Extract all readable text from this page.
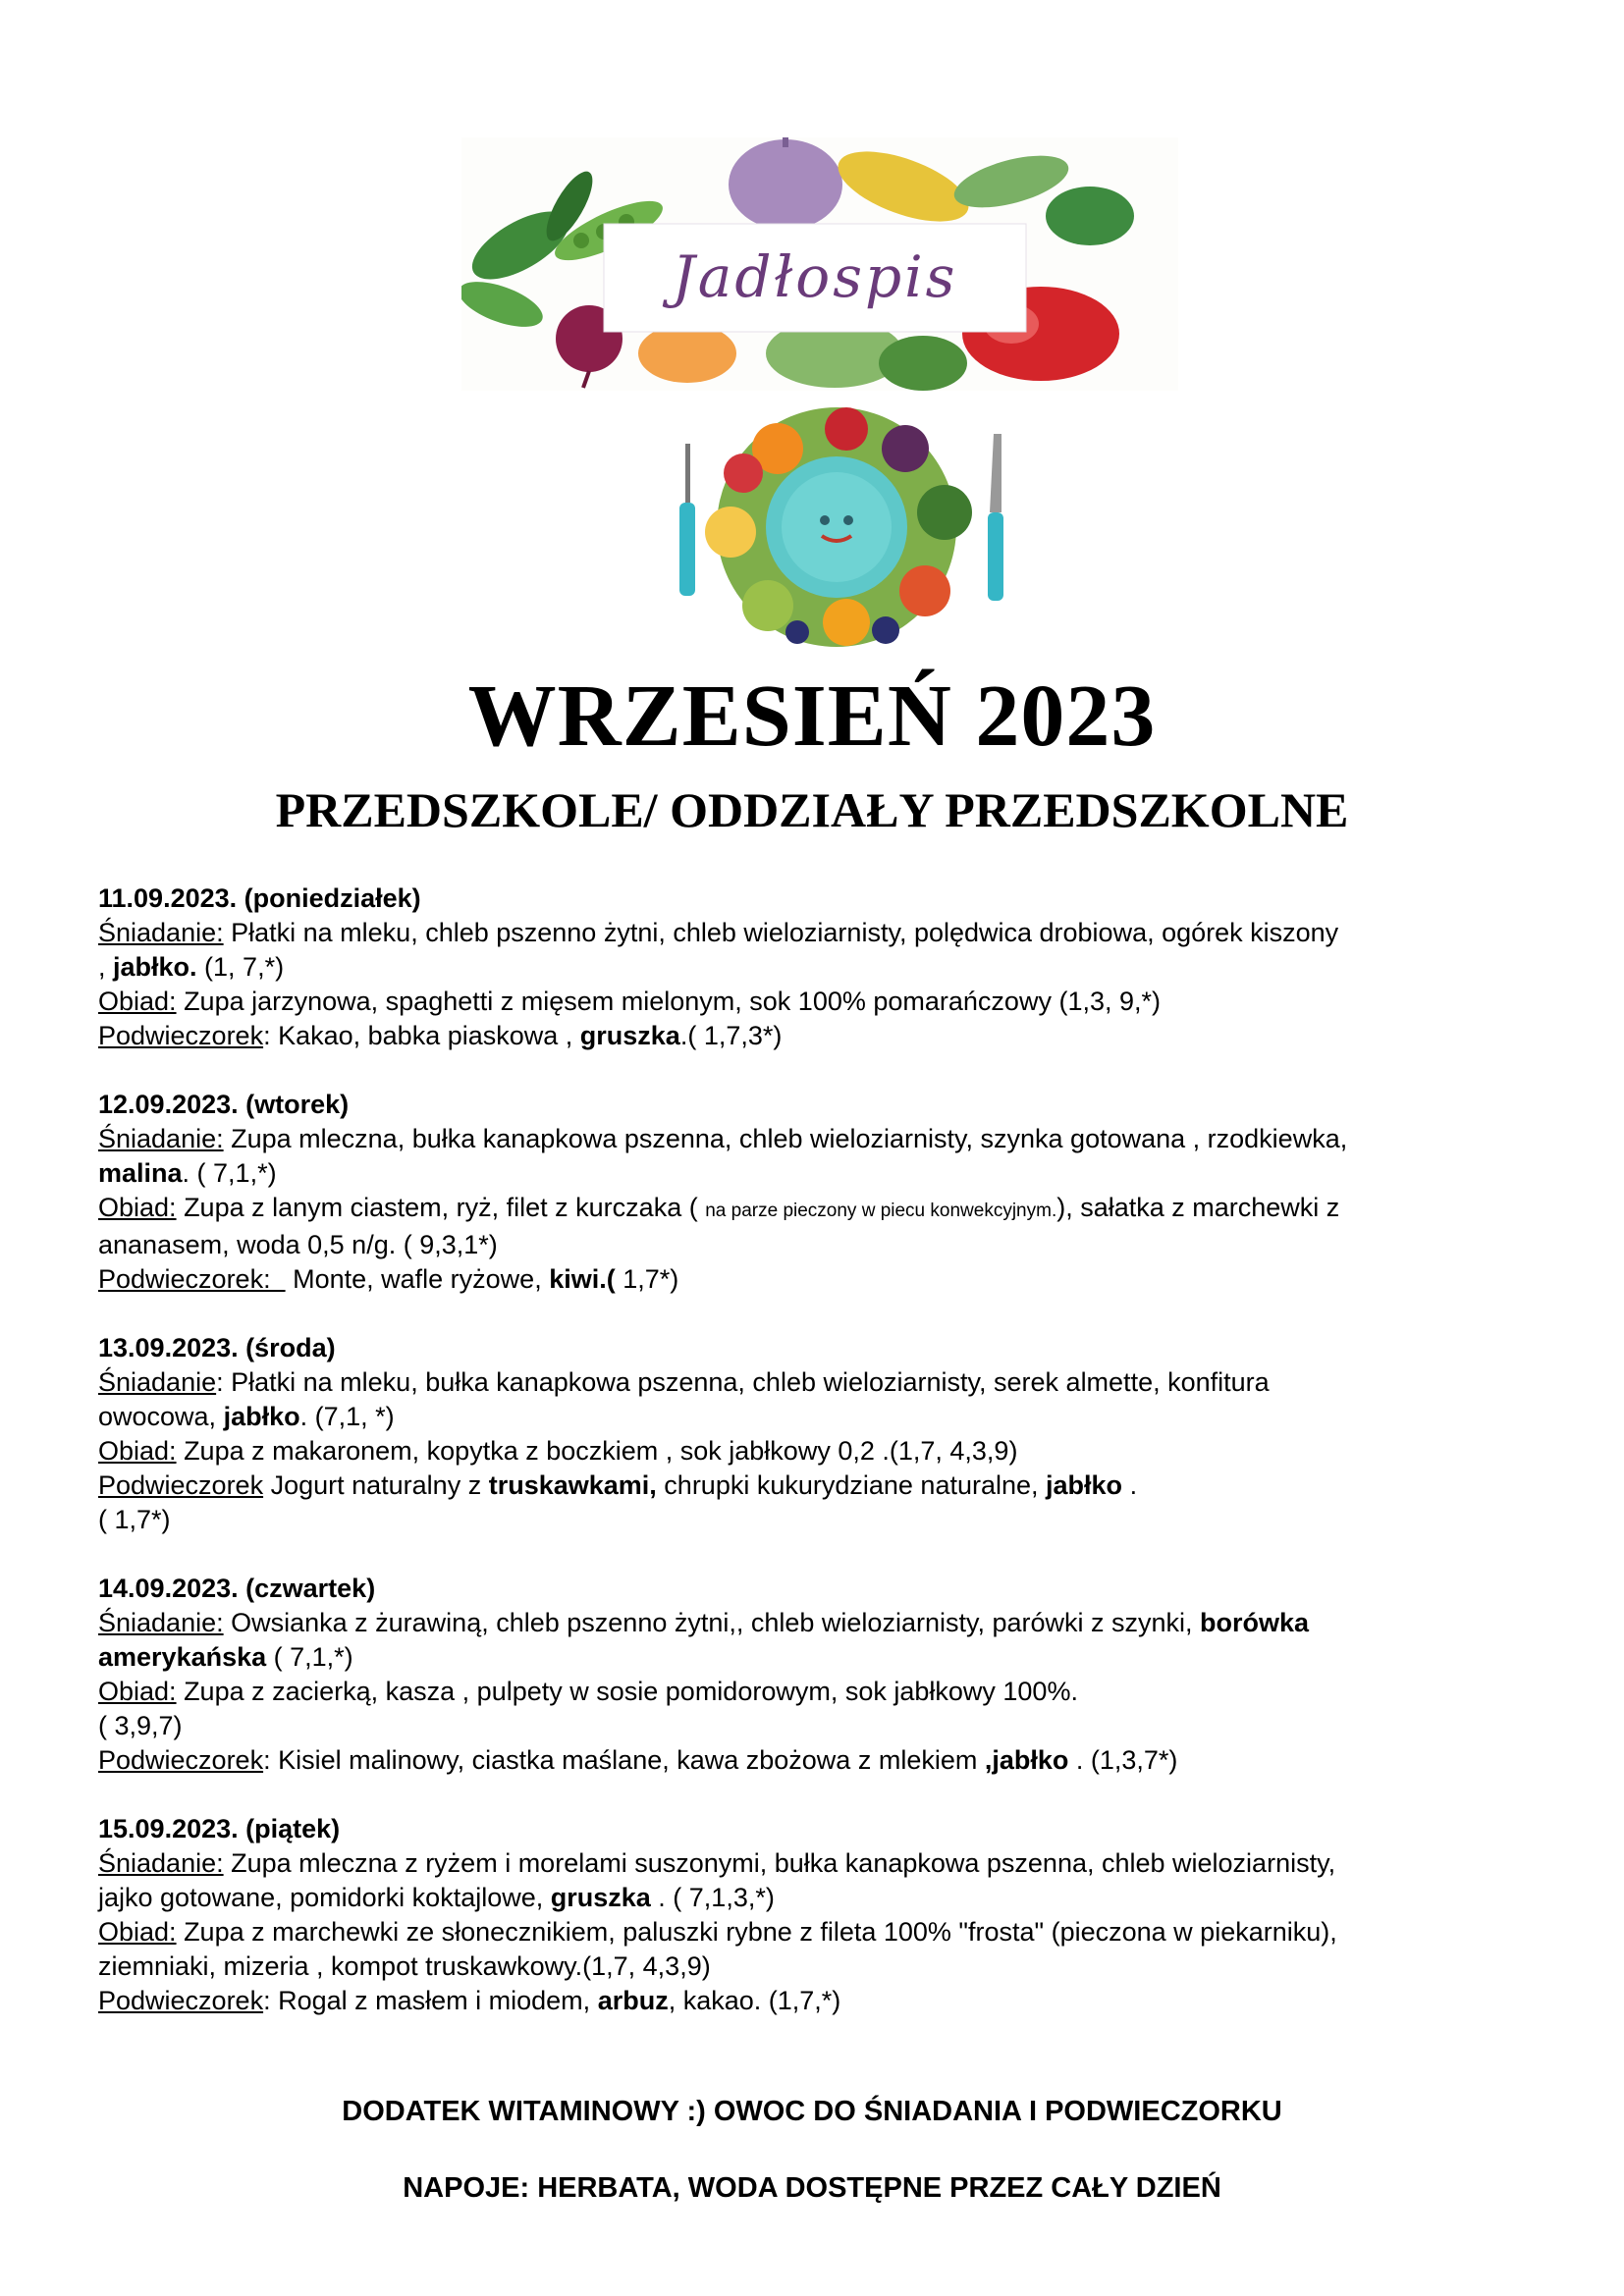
Jadłospis
WRZESIEŃ 2023
PRZEDSZKOLE/ ODDZIAŁY PRZEDSZKOLNE
11.09.2023. (poniedziałek)
Śniadanie: Płatki na mleku, chleb pszenno żytni, chleb wieloziarnisty, polędwica drobiowa, ogórek kiszony
, jabłko. (1, 7,*)
Obiad: Zupa jarzynowa, spaghetti z mięsem mielonym, sok 100% pomarańczowy (1,3, 9,*)
Podwieczorek: Kakao, babka piaskowa , gruszka.( 1,7,3*)
12.09.2023. (wtorek)
Śniadanie: Zupa mleczna, bułka kanapkowa pszenna, chleb wieloziarnisty, szynka gotowana , rzodkiewka,
malina. ( 7,1,*)
Obiad: Zupa z lanym ciastem, ryż, filet z kurczaka ( na parze pieczony w piecu konwekcyjnym.), sałatka z marchewki z
ananasem, woda 0,5 n/g. ( 9,3,1*)
Podwieczorek:   Monte, wafle ryżowe, kiwi.( 1,7*)
13.09.2023. (środa)
Śniadanie: Płatki na mleku, bułka kanapkowa pszenna, chleb wieloziarnisty, serek almette, konfitura
owocowa, jabłko. (7,1, *)
Obiad: Zupa z makaronem, kopytka z boczkiem , sok jabłkowy 0,2 .(1,7, 4,3,9)
Podwieczorek Jogurt naturalny z truskawkami, chrupki kukurydziane naturalne, jabłko .
( 1,7*)
14.09.2023. (czwartek)
Śniadanie: Owsianka z żurawiną, chleb pszenno żytni,, chleb wieloziarnisty, parówki z szynki, borówka
amerykańska ( 7,1,*)
Obiad: Zupa z zacierką, kasza , pulpety w sosie pomidorowym, sok jabłkowy 100%.
( 3,9,7)
Podwieczorek: Kisiel malinowy, ciastka maślane, kawa zbożowa z mlekiem ,jabłko . (1,3,7*)
15.09.2023. (piątek)
Śniadanie: Zupa mleczna z ryżem i morelami suszonymi, bułka kanapkowa pszenna, chleb wieloziarnisty,
jajko gotowane, pomidorki koktajlowe, gruszka . ( 7,1,3,*)
Obiad: Zupa z marchewki ze słonecznikiem, paluszki rybne z fileta 100% "frosta" (pieczona w piekarniku),
ziemniaki, mizeria , kompot truskawkowy.(1,7, 4,3,9)
Podwieczorek: Rogal z masłem i miodem, arbuz, kakao. (1,7,*)
DODATEK WITAMINOWY :) OWOC DO ŚNIADANIA I PODWIECZORKU
NAPOJE: HERBATA, WODA DOSTĘPNE PRZEZ CAŁY DZIEŃ
